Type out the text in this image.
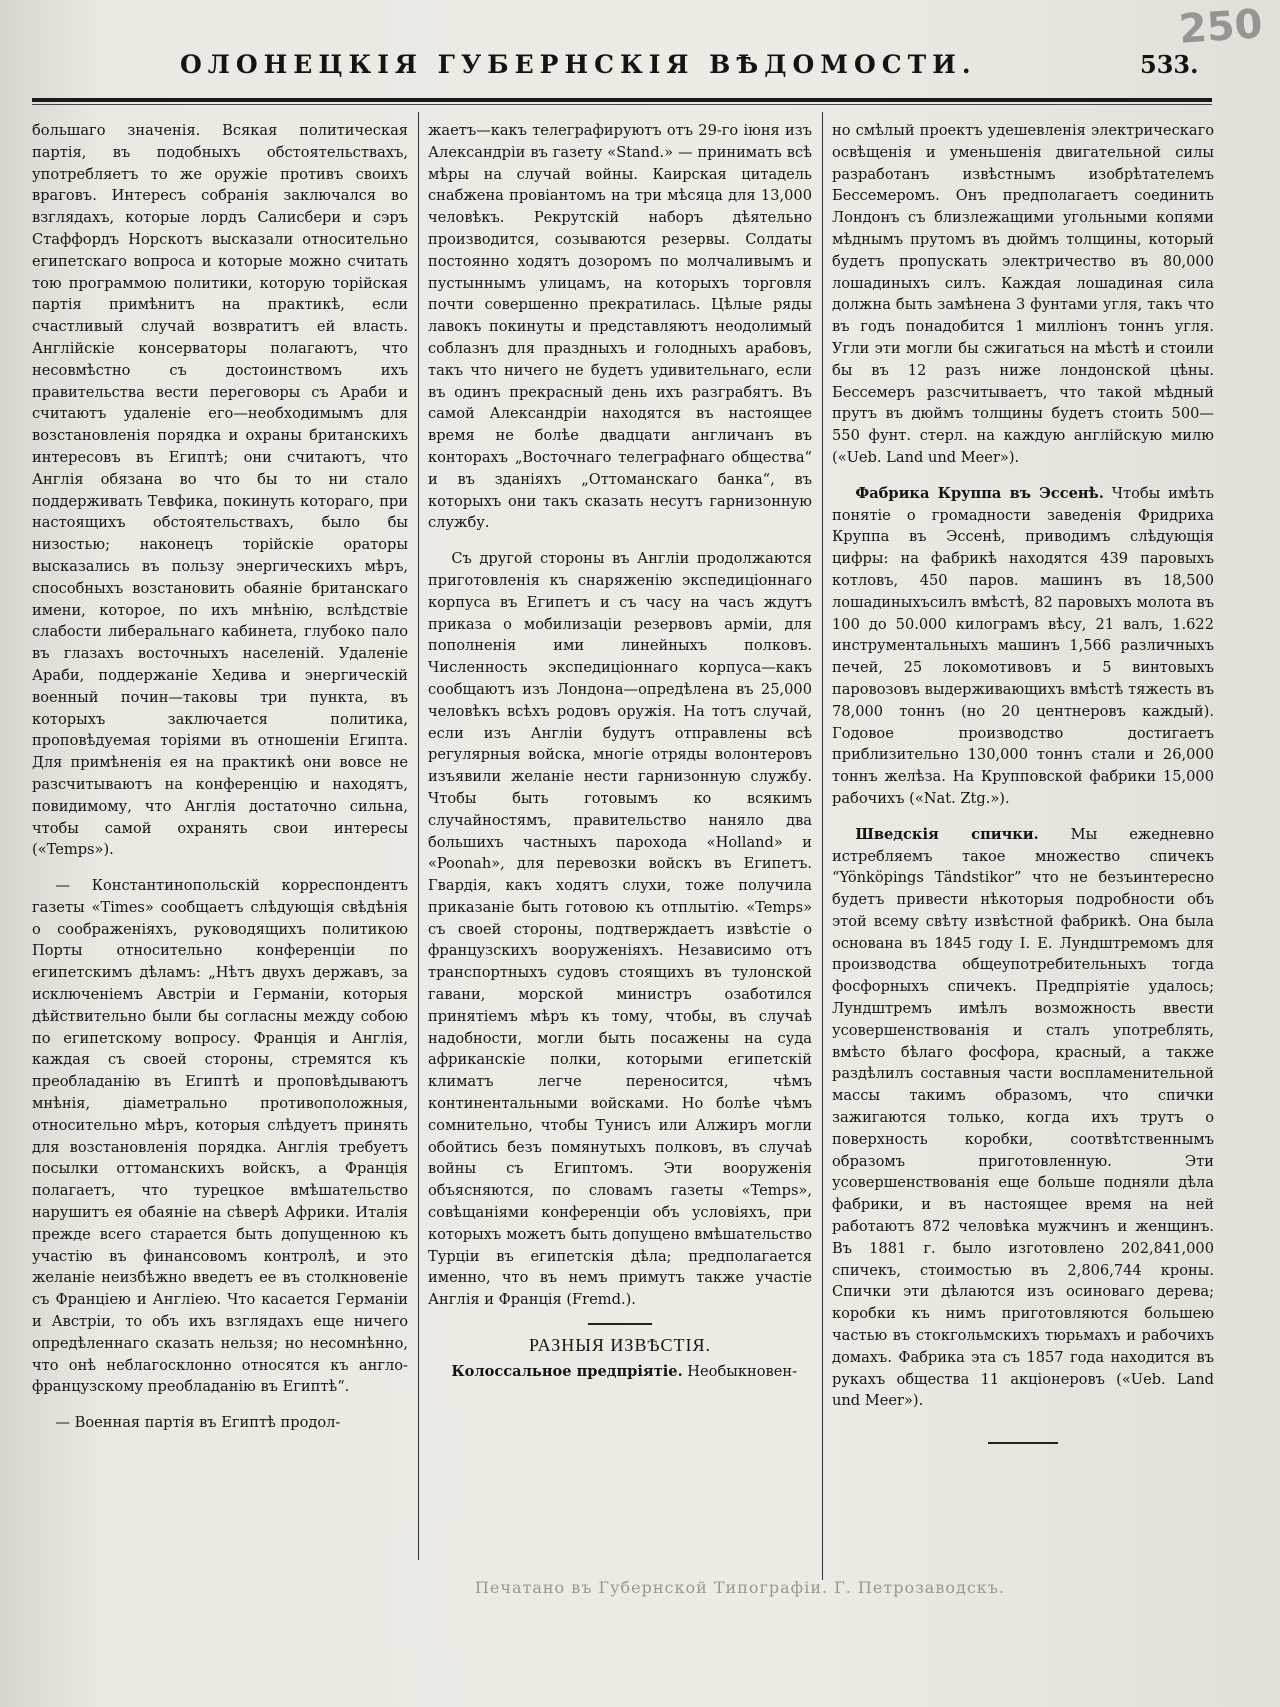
250
ОЛОНЕЦКІЯ ГУБЕРНСКІЯ ВѢДОМОСТИ.	533.

большаго значенія. Всякая политическая партія, въ подобныхъ обстоятельствахъ, употребляетъ то же оружіе противъ своихъ враговъ. Интересъ собранія заключался во взглядахъ, которые лордъ Салисбери и сэръ Стаффордъ Норскотъ высказали относительно египетскаго вопроса и которые можно считать тою программою политики, которую торійская партія примѣнитъ на практикѣ, если счастливый случай возвратитъ ей власть. Англійскіе консерваторы полагаютъ, что несовмѣстно съ достоинствомъ ихъ правительства вести переговоры съ Араби и считаютъ удаленіе его—необходимымъ для возстановленія порядка и охраны британскихъ интересовъ въ Египтѣ; они считаютъ, что Англія обязана во что бы то ни стало поддерживать Тевфика, покинуть котораго, при настоящихъ обстоятельствахъ, было бы низостью; наконецъ торійскіе ораторы высказались въ пользу энергическихъ мѣръ, способныхъ возстановить обаяніе британскаго имени, которое, по ихъ мнѣнію, вслѣдствіе слабости либеральнаго кабинета, глубоко пало въ глазахъ восточныхъ населеній. Удаленіе Араби, поддержаніе Хедива и энергическій военный почин—таковы три пункта, въ которыхъ заключается политика, проповѣдуемая торіями въ отношеніи Египта. Для примѣненія ея на практикѣ они вовсе не разсчитываютъ на конференцію и находятъ, повидимому, что Англія достаточно сильна, чтобы самой охранять свои интересы («Temps»).

— Константинопольскій корреспондентъ газеты «Times» сообщаетъ слѣдующія свѣдѣнія о соображеніяхъ, руководящихъ политикою Порты относительно конференціи по египетскимъ дѣламъ: „Нѣтъ двухъ державъ, за исключеніемъ Австріи и Германіи, которыя дѣйствительно были бы согласны между собою по египетскому вопросу. Франція и Англія, каждая съ своей стороны, стремятся къ преобладанію въ Египтѣ и проповѣдываютъ мнѣнія, діаметрально противоположныя, относительно мѣръ, которыя слѣдуетъ принять для возстановленія порядка. Англія требуетъ посылки оттоманскихъ войскъ, а Франція полагаетъ, что турецкое вмѣшательство нарушитъ ея обаяніе на сѣверѣ Африки. Италія прежде всего старается быть допущенною къ участію въ финансовомъ контролѣ, и это желаніе неизбѣжно введетъ ее въ столкновеніе съ Франціею и Англіею. Что касается Германіи и Австріи, то объ ихъ взглядахъ еще ничего опредѣленнаго сказать нельзя; но несомнѣнно, что онѣ неблагосклонно относятся къ англо-французскому преобладанію въ Египтѣ“.

— Военная партія въ Египтѣ продол-

жаетъ—какъ телеграфируютъ отъ 29-го іюня изъ Александріи въ газету «Stand.» — принимать всѣ мѣры на случай войны. Каирская цитадель снабжена провіантомъ на три мѣсяца для 13,000 человѣкъ. Рекрутскій наборъ дѣятельно производится, созываются резервы. Солдаты постоянно ходятъ дозоромъ по молчаливымъ и пустыннымъ улицамъ, на которыхъ торговля почти совершенно прекратилась. Цѣлые ряды лавокъ покинуты и представляютъ неодолимый соблазнъ для праздныхъ и голодныхъ арабовъ, такъ что ничего не будетъ удивительнаго, если въ одинъ прекрасный день ихъ разграбятъ. Въ самой Александріи находятся въ настоящее время не болѣе двадцати англичанъ въ конторахъ „Восточнаго телеграфнаго общества“ и въ зданіяхъ „Оттоманскаго банка“, въ которыхъ они такъ сказать несутъ гарнизонную службу.

Съ другой стороны въ Англіи продолжаются приготовленія къ снаряженію экспедиціоннаго корпуса въ Египетъ и съ часу на часъ ждутъ приказа о мобилизаціи резервовъ арміи, для пополненія ими линейныхъ полковъ. Численность экспедиціоннаго корпуса—какъ сообщаютъ изъ Лондона—опредѣлена въ 25,000 человѣкъ всѣхъ родовъ оружія. На тотъ случай, если изъ Англіи будутъ отправлены всѣ регулярныя войска, многіе отряды волонтеровъ изъявили желаніе нести гарнизонную службу. Чтобы быть готовымъ ко всякимъ случайностямъ, правительство наняло два большихъ частныхъ парохода «Holland» и «Poonah», для перевозки войскъ въ Египетъ. Гвардія, какъ ходятъ слухи, тоже получила приказаніе быть готовою къ отплытію. «Temps» съ своей стороны, подтверждаетъ извѣстіе о французскихъ вооруженіяхъ. Независимо отъ транспортныхъ судовъ стоящихъ въ тулонской гавани, морской министръ озаботился принятіемъ мѣръ къ тому, чтобы, въ случаѣ надобности, могли быть посажены на суда африканскіе полки, которыми египетскій климатъ легче переносится, чѣмъ континентальными войсками. Но болѣе чѣмъ сомнительно, чтобы Тунисъ или Алжиръ могли обойтись безъ помянутыхъ полковъ, въ случаѣ войны съ Египтомъ. Эти вооруженія объясняются, по словамъ газеты «Temps», совѣщаніями конференціи объ условіяхъ, при которыхъ можетъ быть допущено вмѣшательство Турціи въ египетскія дѣла; предполагается именно, что въ немъ примутъ также участіе Англія и Франція (Fremd.).

РАЗНЫЯ ИЗВѢСТІЯ.

Колоссальное предпріятіе. Необыкновен-

но смѣлый проектъ удешевленія электрическаго освѣщенія и уменьшенія двигательной силы разработанъ извѣстнымъ изобрѣтателемъ Бессемеромъ. Онъ предполагаетъ соединить Лондонъ съ близлежащими угольными копями мѣднымъ прутомъ въ дюймъ толщины, который будетъ пропускать электричество въ 80,000 лошадиныхъ силъ. Каждая лошадиная сила должна быть замѣнена 3 фунтами угля, такъ что въ годъ понадобится 1 милліонъ тоннъ угля. Угли эти могли бы сжигаться на мѣстѣ и стоили бы въ 12 разъ ниже лондонской цѣны. Бессемеръ разсчитываетъ, что такой мѣдный прутъ въ дюймъ толщины будетъ стоить 500—550 фунт. стерл. на каждую англійскую милю («Ueb. Land und Meer»).

Фабрика Круппа въ Эссенѣ. Чтобы имѣть понятіе о громадности заведенія Фридриха Круппа въ Эссенѣ, приводимъ слѣдующія цифры: на фабрикѣ находятся 439 паровыхъ котловъ, 450 паров. машинъ въ 18,500 лошадиныхъсилъ вмѣстѣ, 82 паровыхъ молота въ 100 до 50.000 килограмъ вѣсу, 21 валъ, 1.622 инструментальныхъ машинъ 1,566 различныхъ печей, 25 локомотивовъ и 5 винтовыхъ паровозовъ выдерживающихъ вмѣстѣ тяжесть въ 78,000 тоннъ (но 20 центнеровъ каждый). Годовое производство достигаетъ приблизительно 130,000 тоннъ стали и 26,000 тоннъ желѣза. На Крупповской фабрики 15,000 рабочихъ («Nat. Ztg.»).

Шведскія спички. Мы ежедневно истребляемъ такое множество спичекъ “Yönköpings Tändstikor” что не безъинтересно будетъ привести нѣкоторыя подробности объ этой всему свѣту извѣстной фабрикѣ. Она была основана въ 1845 году І. Е. Лундштремомъ для производства общеупотребительныхъ тогда фосфорныхъ спичекъ. Предпріятіе удалось; Лундштремъ имѣлъ возможность ввести усовершенствованія и сталъ употреблять, вмѣсто бѣлаго фосфора, красный, а также раздѣлилъ составныя части воспламенительной массы такимъ образомъ, что спички зажигаются только, когда ихъ трутъ о поверхность коробки, соотвѣтственнымъ образомъ приготовленную. Эти усовершенствованія еще больше подняли дѣла фабрики, и въ настоящее время на ней работаютъ 872 человѣка мужчинъ и женщинъ. Въ 1881 г. было изготовлено 202,841,000 спичекъ, стоимостью въ 2,806,744 кроны. Спички эти дѣлаются изъ осиноваго дерева; коробки къ нимъ приготовляются большею частью въ стокгольмскихъ тюрьмахъ и рабочихъ домахъ. Фабрика эта съ 1857 года находится въ рукахъ общества 11 акціонеровъ («Ueb. Land und Meer»).

Печатано въ Губернской Типографіи. Г. Петрозаводскъ.
